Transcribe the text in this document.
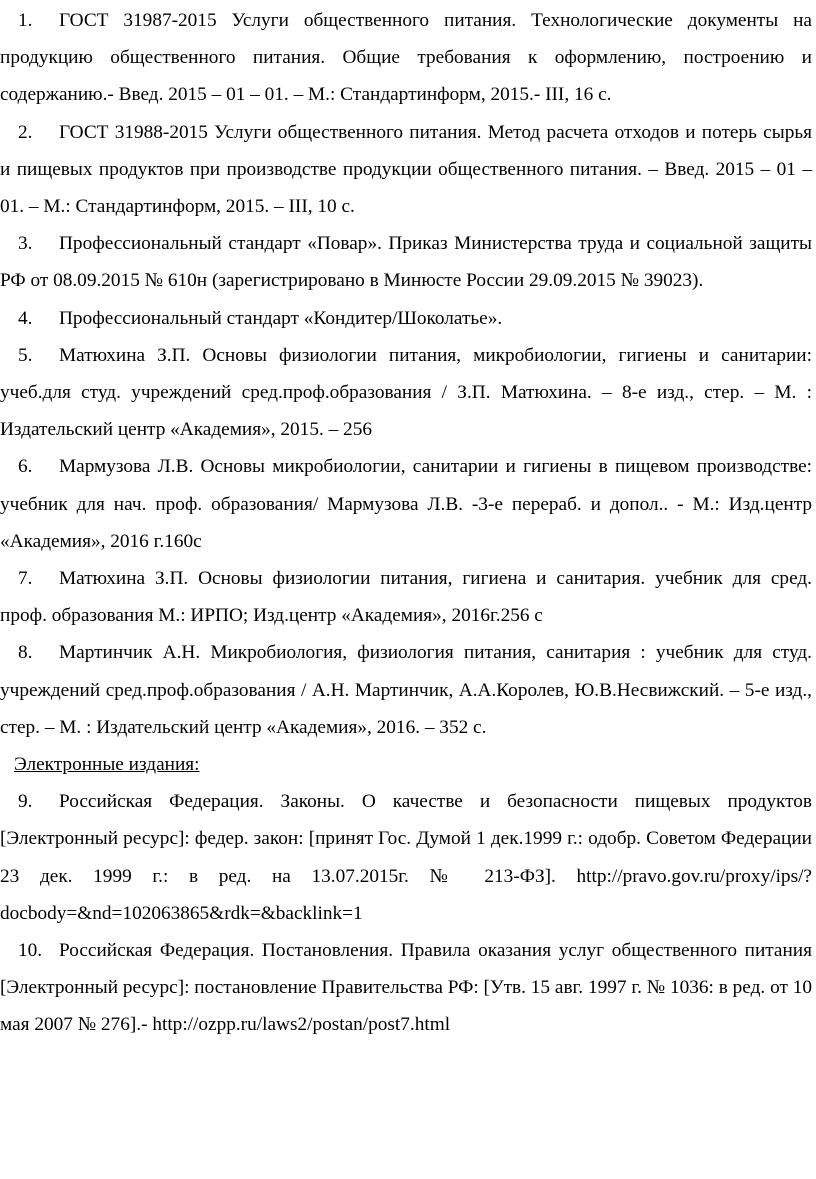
1. ГОСТ 31987-2015 Услуги общественного питания. Технологические документы на продукцию общественного питания. Общие требования к оформлению, построению и содержанию.- Введ. 2015 – 01 – 01. – М.: Стандартинформ, 2015.- III, 16 с.

2. ГОСТ 31988-2015 Услуги общественного питания. Метод расчета отходов и потерь сырья и пищевых продуктов при производстве продукции общественного питания. – Введ. 2015 – 01 – 01. – М.: Стандартинформ, 2015. – III, 10 с.

3. Профессиональный стандарт «Повар». Приказ Министерства труда и социальной защиты РФ от 08.09.2015 № 610н (зарегистрировано в Минюсте России 29.09.2015 № 39023).

4. Профессиональный стандарт «Кондитер/Шоколатье».

5. Матюхина З.П. Основы физиологии питания, микробиологии, гигиены и санитарии: учеб.для студ. учреждений сред.проф.образования / З.П. Матюхина. – 8-е изд., стер. – М. : Издательский центр «Академия», 2015. – 256

6. Мармузова Л.В. Основы микробиологии, санитарии и гигиены в пищевом производстве: учебник для нач. проф. образования/ Мармузова Л.В. -3-е перераб. и допол.. - М.: Изд.центр «Академия», 2016 г.160с

7. Матюхина З.П. Основы физиологии питания, гигиена и санитария. учебник для сред. проф. образования М.: ИРПО; Изд.центр «Академия», 2016г.256 с

8. Мартинчик А.Н. Микробиология, физиология питания, санитария : учебник для студ. учреждений сред.проф.образования / А.Н. Мартинчик, А.А.Королев, Ю.В.Несвижский. – 5-е изд., стер. – М. : Издательский центр «Академия», 2016. – 352 с.

Электронные издания:

9. Российская Федерация. Законы. О качестве и безопасности пищевых продуктов [Электронный ресурс]: федер. закон: [принят Гос. Думой 1 дек.1999 г.: одобр. Советом Федерации 23 дек. 1999 г.: в ред. на 13.07.2015г. № 213-ФЗ]. http://pravo.gov.ru/proxy/ips/?docbody=&nd=102063865&rdk=&backlink=1

10. Российская Федерация. Постановления. Правила оказания услуг общественного питания [Электронный ресурс]: постановление Правительства РФ: [Утв. 15 авг. 1997 г. № 1036: в ред. от 10 мая 2007 № 276].- http://ozpp.ru/laws2/postan/post7.html
